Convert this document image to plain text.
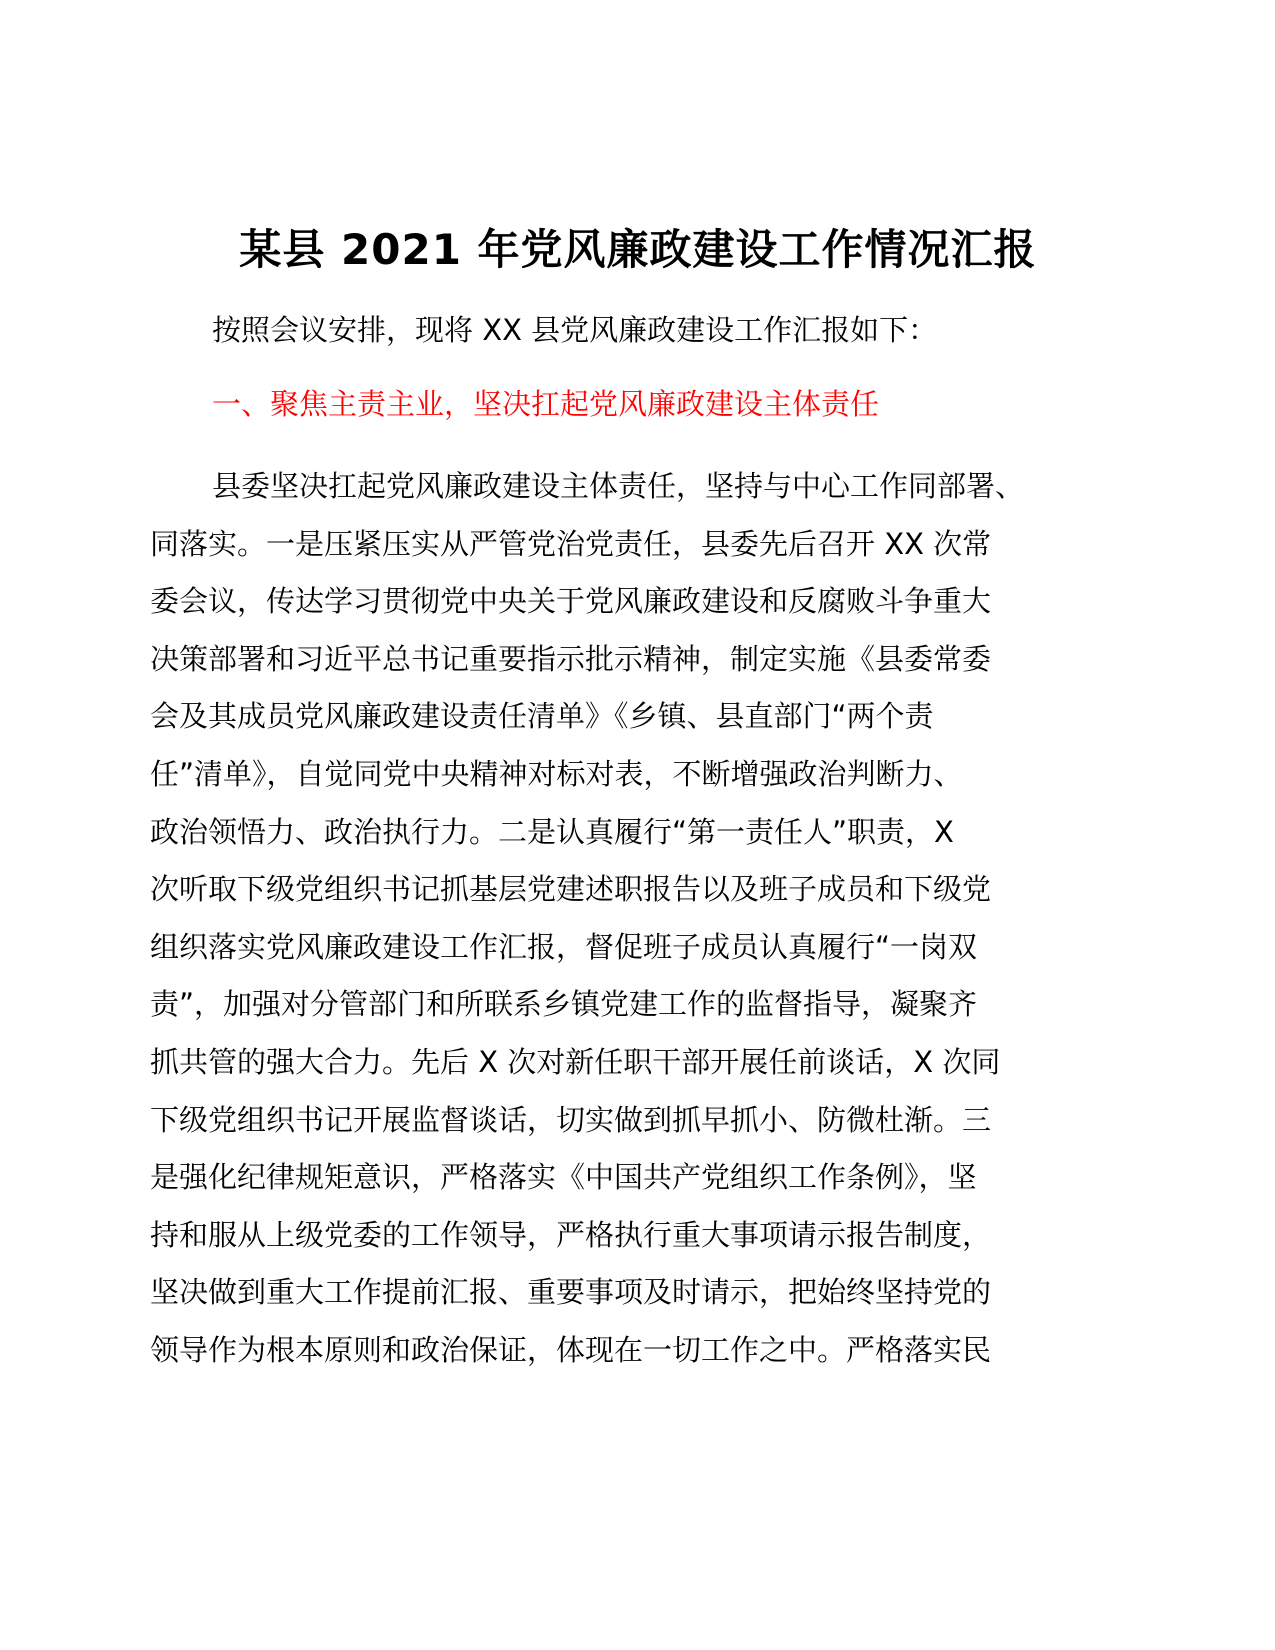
某县 2021 年党风廉政建设工作情况汇报

按照会议安排，现将 XX 县党风廉政建设工作汇报如下：

一、聚焦主责主业，坚决扛起党风廉政建设主体责任
县委坚决扛起党风廉政建设主体责任，坚持与中心工作同部署、
同落实。一是压紧压实从严管党治党责任，县委先后召开 XX 次常
委会议，传达学习贯彻党中央关于党风廉政建设和反腐败斗争重大
决策部署和习近平总书记重要指示批示精神，制定实施《县委常委
会及其成员党风廉政建设责任清单》《乡镇、县直部门“两个责
任”清单》，自觉同党中央精神对标对表，不断增强政治判断力、
政治领悟力、政治执行力。二是认真履行“第一责任人”职责，X
次听取下级党组织书记抓基层党建述职报告以及班子成员和下级党
组织落实党风廉政建设工作汇报，督促班子成员认真履行“一岗双
责”，加强对分管部门和所联系乡镇党建工作的监督指导，凝聚齐
抓共管的强大合力。先后 X 次对新任职干部开展任前谈话，X 次同
下级党组织书记开展监督谈话，切实做到抓早抓小、防微杜渐。三
是强化纪律规矩意识，严格落实《中国共产党组织工作条例》，坚
持和服从上级党委的工作领导，严格执行重大事项请示报告制度，
坚决做到重大工作提前汇报、重要事项及时请示，把始终坚持党的
领导作为根本原则和政治保证，体现在一切工作之中。严格落实民
